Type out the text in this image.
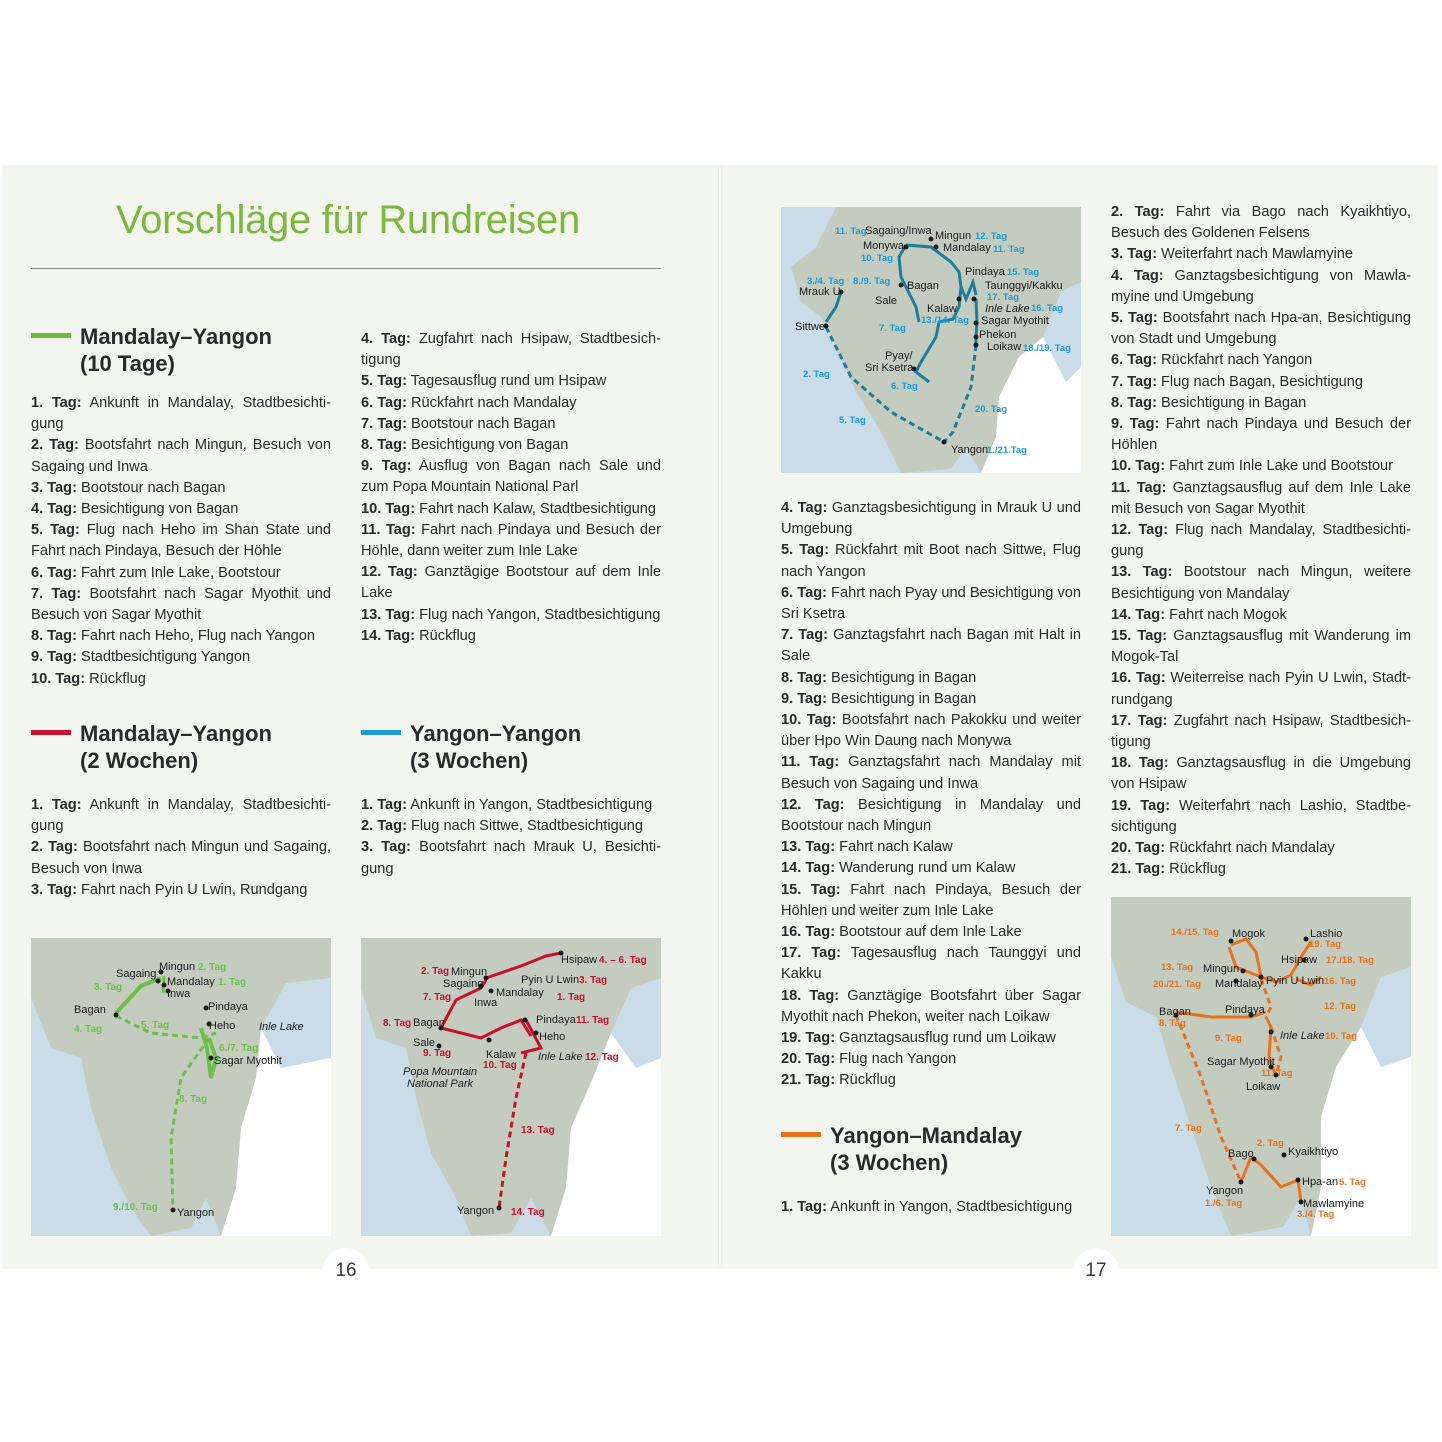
Vorschläge für Rundreisen
Mandalay–Yangon
(10 Tage)

1. Tag: Ankunft in Mandalay, Stadtbesichtigung

2. Tag: Bootsfahrt nach Mingun, Besuch von Sagaing und Inwa

3. Tag: Bootstour nach Bagan

4. Tag: Besichtigung von Bagan

5. Tag: Flug nach Heho im Shan State und Fahrt nach Pindaya, Besuch der Höhle

6. Tag: Fahrt zum Inle Lake, Bootstour

7. Tag: Bootsfahrt nach Sagar Myothit und Besuch von Sagar Myothit

8. Tag: Fahrt nach Heho, Flug nach Yangon

9. Tag: Stadtbesichtigung Yangon

10. Tag: Rückflug

4. Tag: Zugfahrt nach Hsipaw, Stadtbesichtigung

5. Tag: Tagesausflug rund um Hsipaw

6. Tag: Rückfahrt nach Mandalay

7. Tag: Bootstour nach Bagan

8. Tag: Besichtigung von Bagan

9. Tag: Ausflug von Bagan nach Sale und zum Popa Mountain National Parl

10. Tag: Fahrt nach Kalaw, Stadtbesichtigung

11. Tag: Fahrt nach Pindaya und Besuch der Höhle, dann weiter zum Inle Lake

12. Tag: Ganztägige Bootstour auf dem Inle Lake

13. Tag: Flug nach Yangon, Stadtbesichtigung

14. Tag: Rückflug

Mandalay–Yangon
(2 Wochen)

1. Tag: Ankunft in Mandalay, Stadtbesichtigung

2. Tag: Bootsfahrt nach Mingun und Sagaing, Besuch von Inwa

3. Tag: Fahrt nach Pyin U Lwin, Rundgang

Yangon–Yangon
(3 Wochen)

1. Tag: Ankunft in Yangon, Stadtbesichtigung

2. Tag: Flug nach Sittwe, Stadtbesichtigung

3. Tag: Bootsfahrt nach Mrauk U, Besichtigung

Mingun
Sagaing
Mandalay
Inwa
Bagan	Pindaya
Heho Inle Lake
Sagar Myothit
Yangon
2. Tag
1. Tag
3. Tag
4. Tag	5. Tag
6./7. Tag
8. Tag
9./10. Tag
Hsipaw
Mingun
Sagaing	Pyin U Lwin
Inwa
Mandalay
Bagan	Pindaya
Heho
Sale
Kalaw Inle Lake
Popa Mountain
National Park
Yangon
4. – 6. Tag
2. Tag
3. Tag
7. Tag	1. Tag
8. Tag	11. Tag
9. Tag
10. Tag
12. Tag
13. Tag
14. Tag
16
Sagaing/Inwa Mingun
Monywa	Mandalay
Pindaya
Bagan	Taunggyi/Kakku
Mrauk U
Sale
Kalaw	Inle Lake
Sagar Myothit
Sittwe
Phekon
Loikaw
Pyay/
Sri Ksetra
Yangon
11. Tag	12. Tag
11. Tag
10. Tag
15. Tag
8./9. Tag
3./4. Tag
17. Tag
16. Tag
13./14. Tag
7. Tag
18./19. Tag
2. Tag
6. Tag
20. Tag
5. Tag
1./21.Tag

4. Tag: Ganztagsbesichtigung in Mrauk U und Umgebung

5. Tag: Rückfahrt mit Boot nach Sittwe, Flug nach Yangon

6. Tag: Fahrt nach Pyay und Besichtigung von Sri Ksetra

7. Tag: Ganztagsfahrt nach Bagan mit Halt in Sale

8. Tag: Besichtigung in Bagan

9. Tag: Besichtigung in Bagan

10. Tag: Bootsfahrt nach Pakokku und weiter über Hpo Win Daung nach Monywa

11. Tag: Ganztagsfahrt nach Mandalay mit Besuch von Sagaing und Inwa

12. Tag: Besichtigung in Mandalay und Bootstour nach Mingun

13. Tag: Fahrt nach Kalaw

14. Tag: Wanderung rund um Kalaw

15. Tag: Fahrt nach Pindaya, Besuch der Höhlen und weiter zum Inle Lake

16. Tag: Bootstour auf dem Inle Lake

17. Tag: Tagesausflug nach Taunggyi und Kakku

18. Tag: Ganztägige Bootsfahrt über Sagar Myothit nach Phekon, weiter nach Loikaw

19. Tag: Ganztagsausflug rund um Loikaw

20. Tag: Flug nach Yangon

21. Tag: Rückflug

Yangon–Mandalay
(3 Wochen)

1. Tag: Ankunft in Yangon, Stadtbesichtigung

2. Tag: Fahrt via Bago nach Kyaikhtiyo, Besuch des Goldenen Felsens

3. Tag: Weiterfahrt nach Mawlamyine

4. Tag: Ganztagsbesichtigung von Mawlamyine und Umgebung

5. Tag: Bootsfahrt nach Hpa-an, Besichtigung von Stadt und Umgebung

6. Tag: Rückfahrt nach Yangon

7. Tag: Flug nach Bagan, Besichtigung

8. Tag: Besichtigung in Bagan

9. Tag: Fahrt nach Pindaya und Besuch der Höhlen

10. Tag: Fahrt zum Inle Lake und Bootstour

11. Tag: Ganztagsausflug auf dem Inle Lake mit Besuch von Sagar Myothit

12. Tag: Flug nach Mandalay, Stadtbesichtigung

13. Tag: Bootstour nach Mingun, weitere Besichtigung von Mandalay

14. Tag: Fahrt nach Mogok

15. Tag: Ganztagsausflug mit Wanderung im Mogok-Tal

16. Tag: Weiterreise nach Pyin U Lwin, Stadtrundgang

17. Tag: Zugfahrt nach Hsipaw, Stadtbesichtigung

18. Tag: Ganztagsausflug in die Umgebung von Hsipaw

19. Tag: Weiterfahrt nach Lashio, Stadtbesichtigung

20. Tag: Rückfahrt nach Mandalay

21. Tag: Rückflug

Mogok	Lashio
Hsipaw
Mingun
Mandalay Pyin U Lwin
Pindaya
Bagan
Inle Lake
Sagar Myothit
Loikaw
Bago	Kyaikhtiyo
Hpa-an
Yangon
Mawlamyine
14./15. Tag
19. Tag
17./18. Tag
13. Tag
20./21. Tag	16. Tag
12. Tag
8. Tag
9. Tag	10. Tag
11. Tag
7. Tag
2. Tag
5. Tag
1./6. Tag
3./4. Tag
17
